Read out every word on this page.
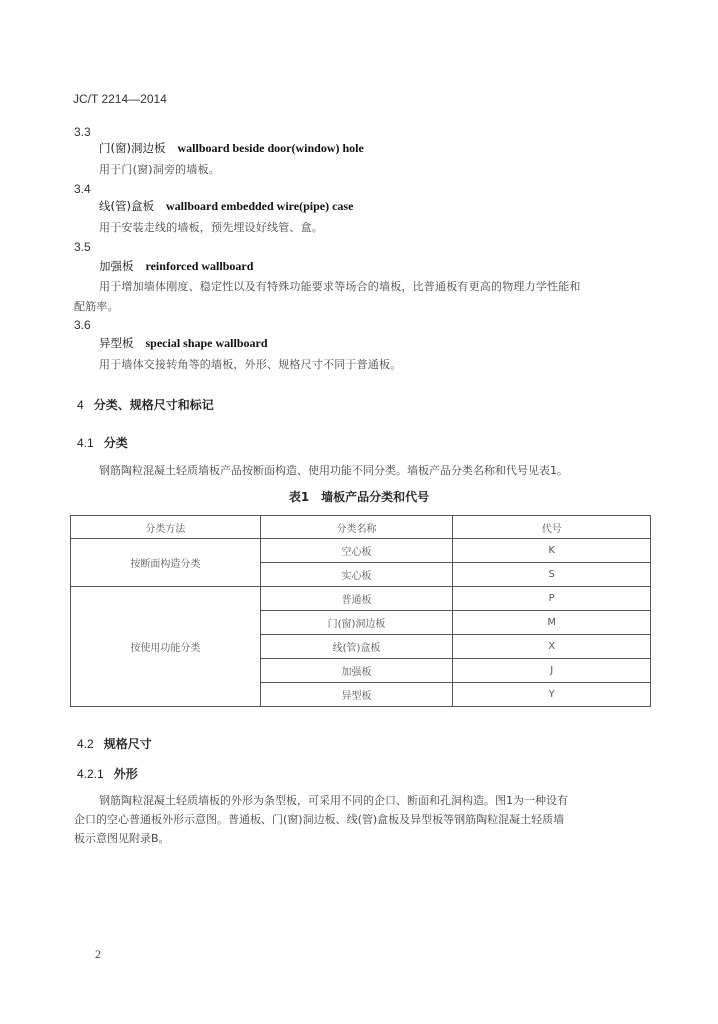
JC/T 2214—2014
3.3
门(窗)洞边板 wallboard beside door(window) hole
用于门(窗)洞旁的墙板。
3.4
线(管)盒板 wallboard embedded wire(pipe) case
用于安装走线的墙板，预先埋设好线管、盒。
3.5
加强板 reinforced wallboard
用于增加墙体刚度、稳定性以及有特殊功能要求等场合的墙板，比普通板有更高的物理力学性能和
配筋率。
3.6
异型板 special shape wallboard
用于墙体交接转角等的墙板，外形、规格尺寸不同于普通板。
4 分类、规格尺寸和标记
4.1 分类
钢筋陶粒混凝土轻质墙板产品按断面构造、使用功能不同分类。墙板产品分类名称和代号见表1。
表1　墙板产品分类和代号
分类方法	分类名称	代号
按断面构造分类	空心板	K
	实心板	S
按使用功能分类	普通板	P
	门(窗)洞边板	M
	线(管)盒板	X
	加强板	J
	异型板	Y
4.2 规格尺寸
4.2.1 外形
钢筋陶粒混凝土轻质墙板的外形为条型板，可采用不同的企口、断面和孔洞构造。图1为一种设有
企口的空心普通板外形示意图。普通板、门(窗)洞边板、线(管)盒板及异型板等钢筋陶粒混凝土轻质墙
板示意图见附录B。
2
